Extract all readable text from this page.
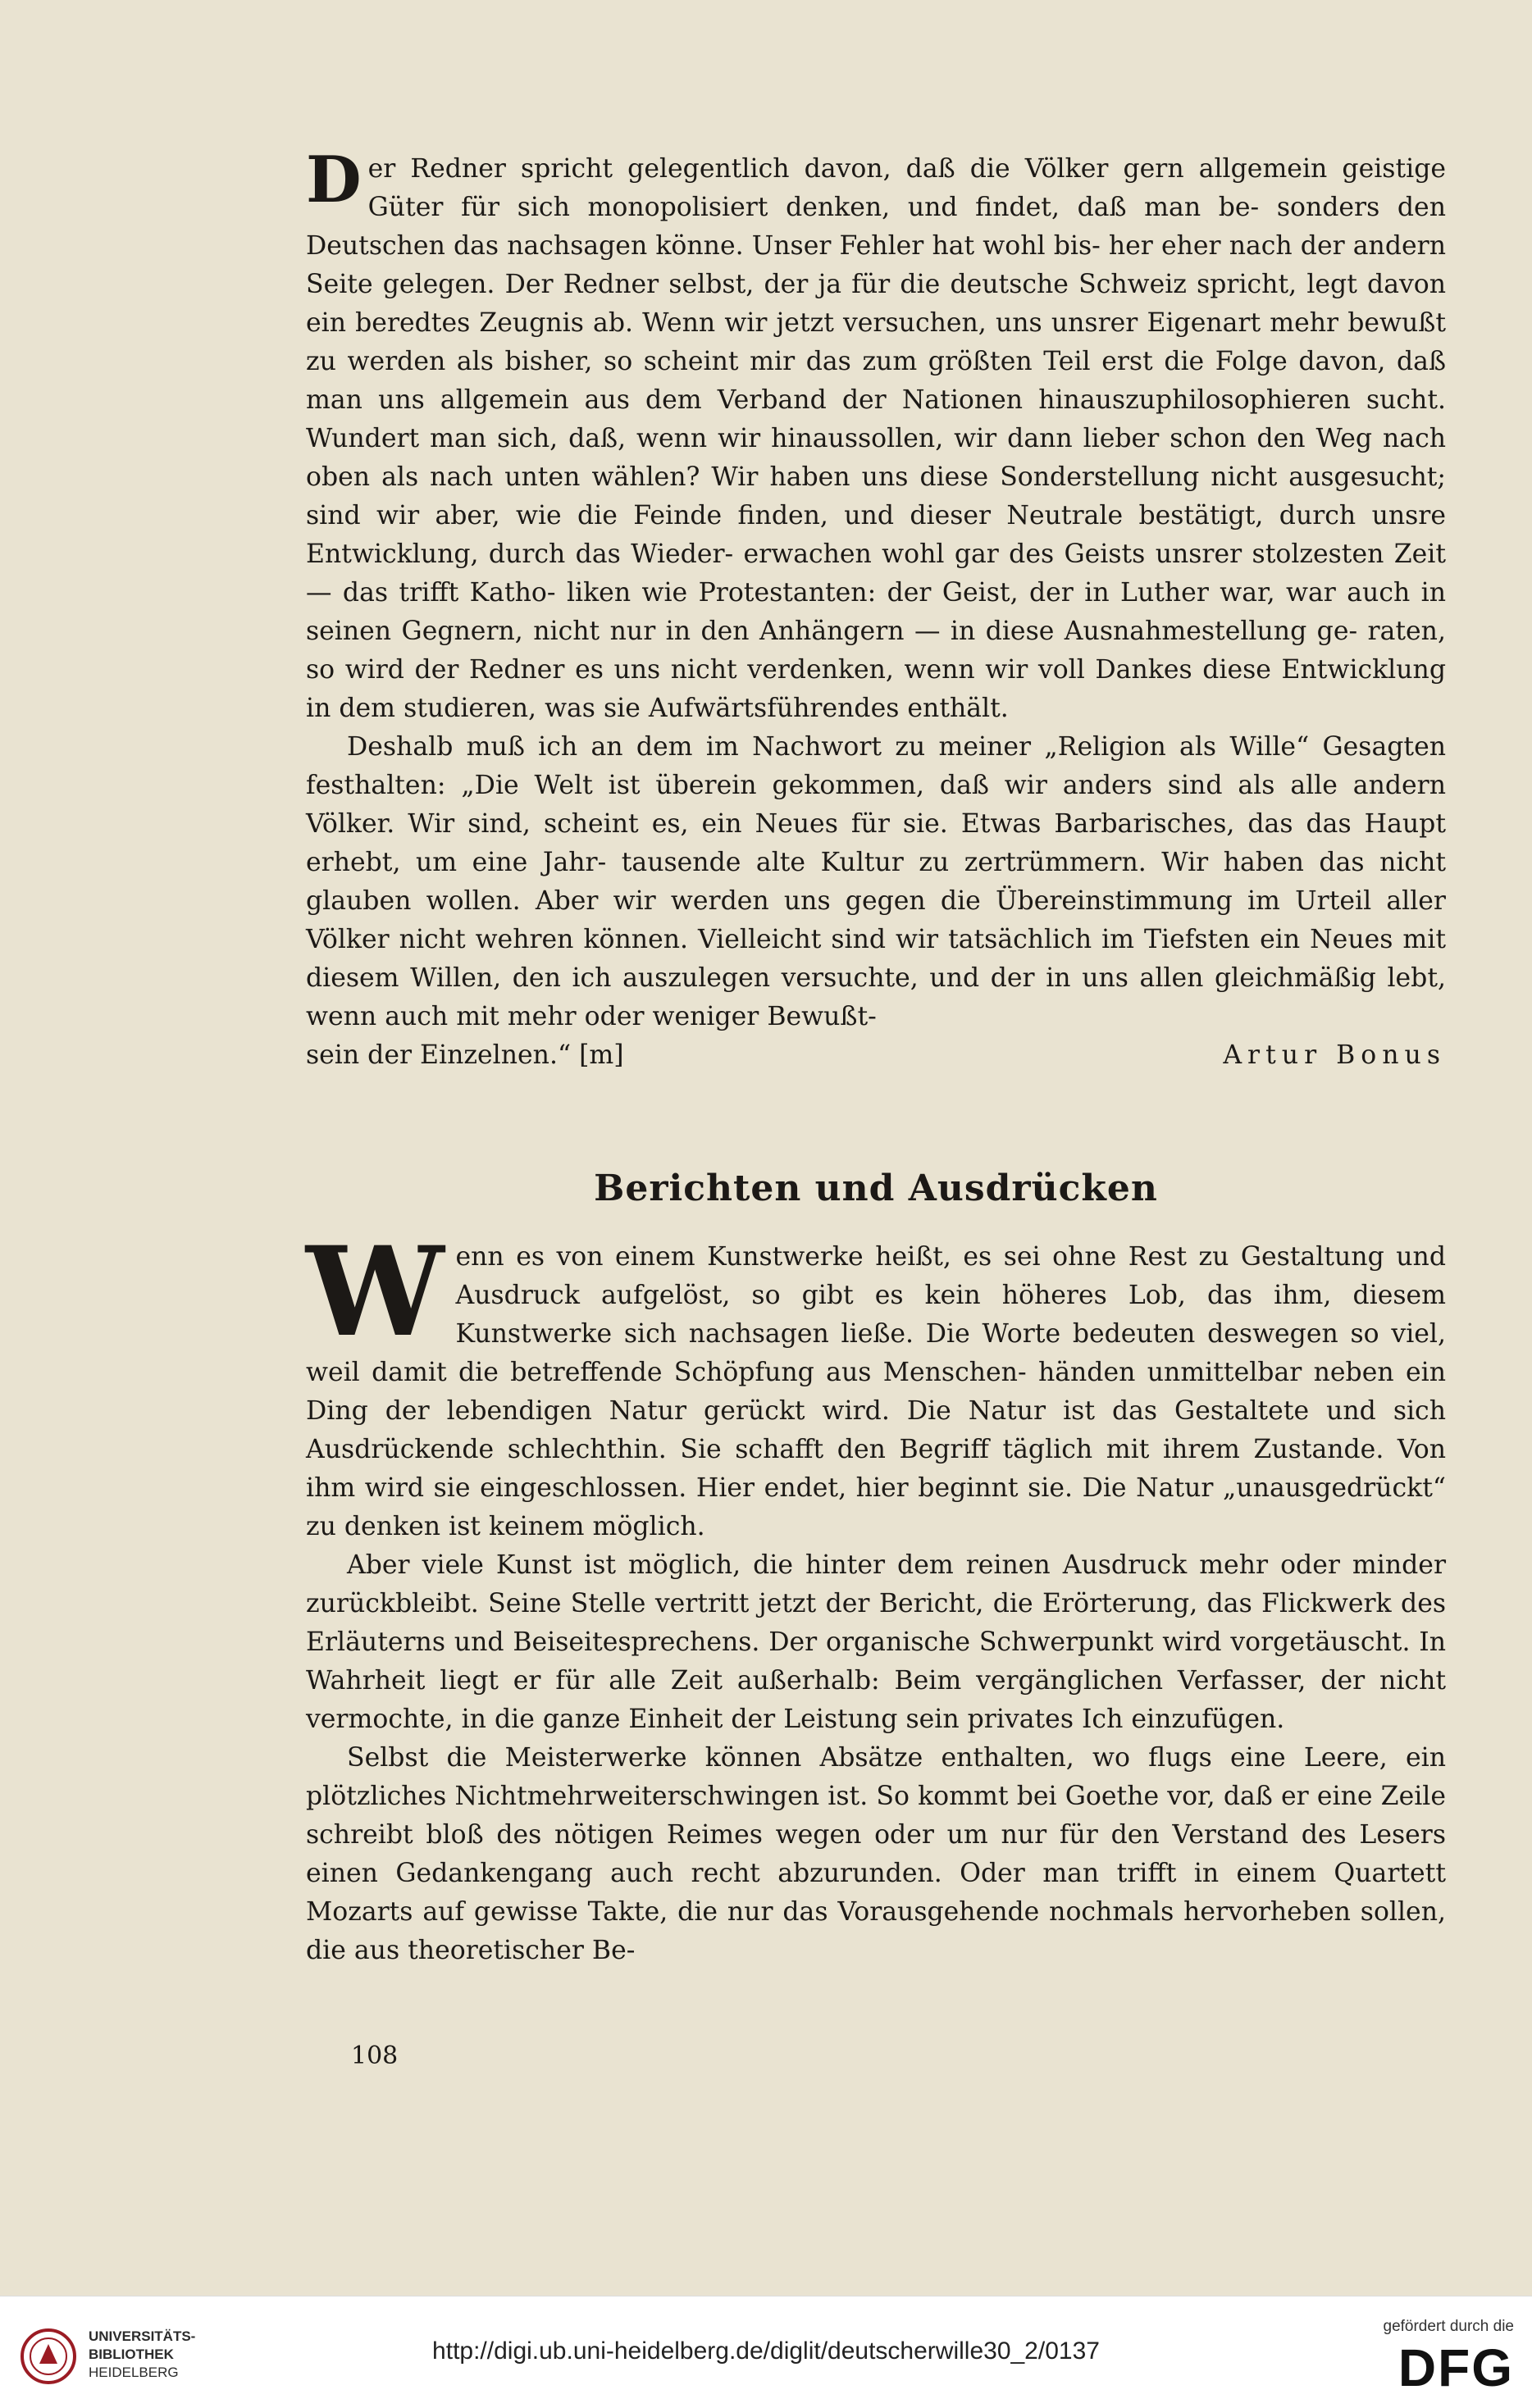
D er Redner spricht gelegentlich davon, daß die Völker gern allgemein geistige Güter für sich monopolisiert denken, und findet, daß man be- sonders den Deutschen das nachsagen könne. Unser Fehler hat wohl bis- her eher nach der andern Seite gelegen. Der Redner selbst, der ja für die deutsche Schweiz spricht, legt davon ein beredtes Zeugnis ab. Wenn wir jetzt versuchen, uns unsrer Eigenart mehr bewußt zu werden als bisher, so scheint mir das zum größten Teil erst die Folge davon, daß man uns allgemein aus dem Verband der Nationen hinauszuphilosophieren sucht. Wundert man sich, daß, wenn wir hinaussollen, wir dann lieber schon den Weg nach oben als nach unten wählen? Wir haben uns diese Sonderstellung nicht ausgesucht; sind wir aber, wie die Feinde finden, und dieser Neutrale bestätigt, durch unsre Entwicklung, durch das Wieder- erwachen wohl gar des Geists unsrer stolzesten Zeit — das trifft Katho- liken wie Protestanten: der Geist, der in Luther war, war auch in seinen Gegnern, nicht nur in den Anhängern — in diese Ausnahmestellung ge- raten, so wird der Redner es uns nicht verdenken, wenn wir voll Dankes diese Entwicklung in dem studieren, was sie Aufwärtsführendes enthält.

Deshalb muß ich an dem im Nachwort zu meiner „Religion als Wille“ Gesagten festhalten: „Die Welt ist überein gekommen, daß wir anders sind als alle andern Völker. Wir sind, scheint es, ein Neues für sie. Etwas Barbarisches, das das Haupt erhebt, um eine Jahr- tausende alte Kultur zu zertrümmern. Wir haben das nicht glauben wollen. Aber wir werden uns gegen die Übereinstimmung im Urteil aller Völker nicht wehren können. Vielleicht sind wir tatsächlich im Tiefsten ein Neues mit diesem Willen, den ich auszulegen versuchte, und der in uns allen gleichmäßig lebt, wenn auch mit mehr oder weniger Bewußt-

sein der Einzelnen.“ [m]	Artur Bonus
Berichten und Ausdrücken

W enn es von einem Kunstwerke heißt, es sei ohne Rest zu Gestaltung und Ausdruck aufgelöst, so gibt es kein höheres Lob, das ihm, diesem Kunstwerke sich nachsagen ließe. Die Worte bedeuten deswegen so viel, weil damit die betreffende Schöpfung aus Menschen- händen unmittelbar neben ein Ding der lebendigen Natur gerückt wird. Die Natur ist das Gestaltete und sich Ausdrückende schlechthin. Sie schafft den Begriff täglich mit ihrem Zustande. Von ihm wird sie eingeschlossen. Hier endet, hier beginnt sie. Die Natur „unausgedrückt“ zu denken ist keinem möglich.

Aber viele Kunst ist möglich, die hinter dem reinen Ausdruck mehr oder minder zurückbleibt. Seine Stelle vertritt jetzt der Bericht, die Erörterung, das Flickwerk des Erläuterns und Beiseitesprechens. Der organische Schwerpunkt wird vorgetäuscht. In Wahrheit liegt er für alle Zeit außerhalb: Beim vergänglichen Verfasser, der nicht vermochte, in die ganze Einheit der Leistung sein privates Ich einzufügen.

Selbst die Meisterwerke können Absätze enthalten, wo flugs eine Leere, ein plötzliches Nichtmehrweiterschwingen ist. So kommt bei Goethe vor, daß er eine Zeile schreibt bloß des nötigen Reimes wegen oder um nur für den Verstand des Lesers einen Gedankengang auch recht abzurunden. Oder man trifft in einem Quartett Mozarts auf gewisse Takte, die nur das Vorausgehende nochmals hervorheben sollen, die aus theoretischer Be-

108
UNIVERSITÄTS-
BIBLIOTHEK
HEIDELBERG
http://digi.ub.uni-heidelberg.de/diglit/deutscherwille30_2/0137
gefördert durch die
DFG
